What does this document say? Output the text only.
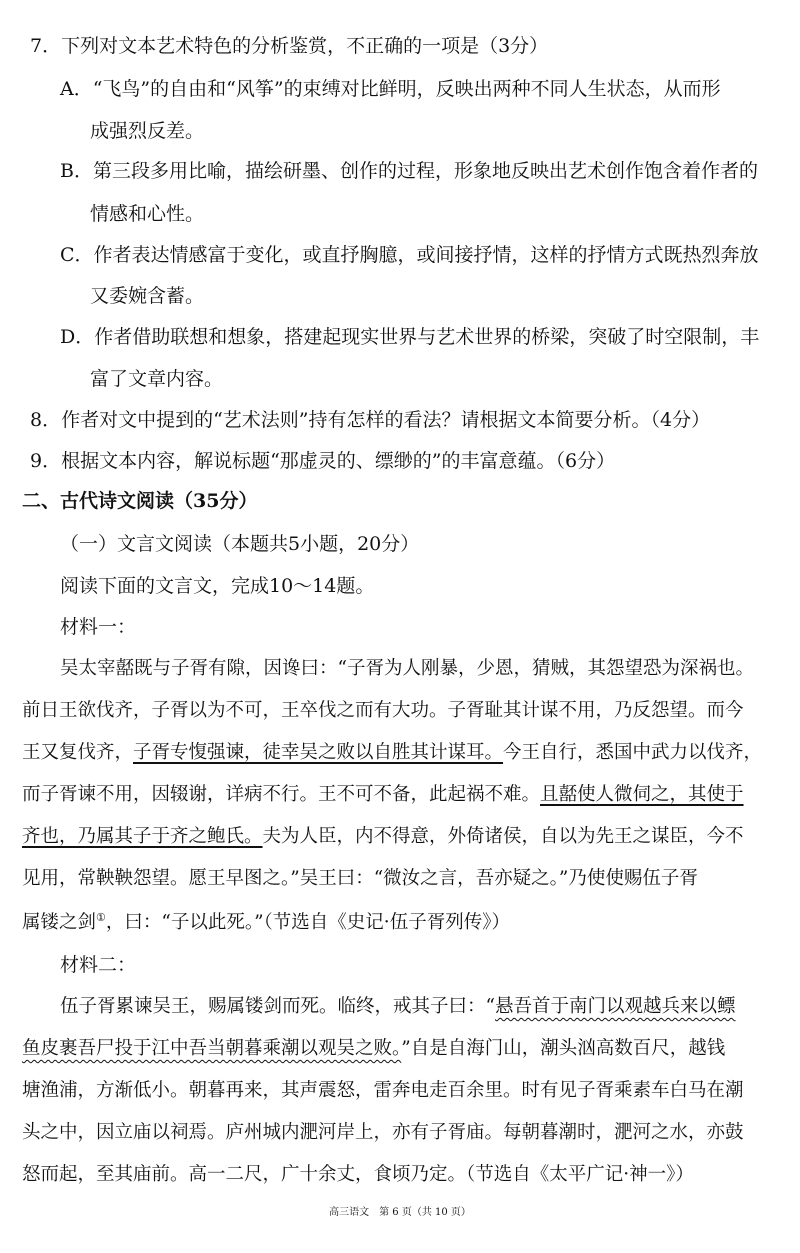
7．下列对文本艺术特色的分析鉴赏，不正确的一项是（3分）
A．“飞鸟”的自由和“风筝”的束缚对比鲜明，反映出两种不同人生状态，从而形
成强烈反差。
B．第三段多用比喻，描绘研墨、创作的过程，形象地反映出艺术创作饱含着作者的
情感和心性。
C．作者表达情感富于变化，或直抒胸臆，或间接抒情，这样的抒情方式既热烈奔放
又委婉含蓄。
D．作者借助联想和想象，搭建起现实世界与艺术世界的桥梁，突破了时空限制，丰
富了文章内容。
8．作者对文中提到的“艺术法则”持有怎样的看法？请根据文本简要分析。（4分）
9．根据文本内容，解说标题“那虚灵的、缥缈的”的丰富意蕴。（6分）
二、古代诗文阅读（35分）
（一）文言文阅读（本题共5小题，20分）
阅读下面的文言文，完成10～14题。
材料一：
吴太宰嚭既与子胥有隙，因谗曰：“子胥为人刚暴，少恩，猜贼，其怨望恐为深祸也。
前日王欲伐齐，子胥以为不可，王卒伐之而有大功。子胥耻其计谋不用，乃反怨望。而今
王又复伐齐，子胥专愎强谏，徒幸吴之败以自胜其计谋耳。今王自行，悉国中武力以伐齐，
而子胥谏不用，因辍谢，详病不行。王不可不备，此起祸不难。且嚭使人微伺之，其使于
齐也，乃属其子于齐之鲍氏。夫为人臣，内不得意，外倚诸侯，自以为先王之谋臣，今不
见用，常鞅鞅怨望。愿王早图之。”吴王曰：“微汝之言，吾亦疑之。”乃使使赐伍子胥
属镂之剑①，曰：“子以此死。”（节选自《史记·伍子胥列传》）
材料二：
伍子胥累谏吴王，赐属镂剑而死。临终，戒其子曰：“悬吾首于南门以观越兵来以鳔
鱼皮裹吾尸投于江中吾当朝暮乘潮以观吴之败。”自是自海门山，潮头汹高数百尺，越钱
塘渔浦，方渐低小。朝暮再来，其声震怒，雷奔电走百余里。时有见子胥乘素车白马在潮
头之中，因立庙以祠焉。庐州城内淝河岸上，亦有子胥庙。每朝暮潮时，淝河之水，亦鼓
怒而起，至其庙前。高一二尺，广十余丈，食顷乃定。（节选自《太平广记·神一》）
高三语文　第 6 页（共 10 页）
